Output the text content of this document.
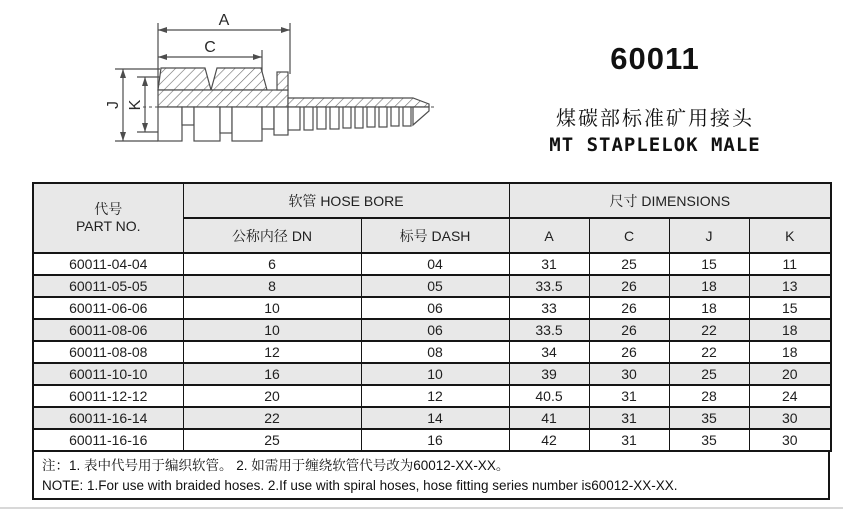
A
C
J K
60011
煤碳部标准矿用接头
MT STAPLELOK MALE
代号
PART NO.	软管 HOSE BORE		尺寸 DIMENSIONS			
	公称内径 DN	标号 DASH	A	C	J	K
60011-04-04	6	04	31	25	15	11
60011-05-05	8	05	33.5	26	18	13
60011-06-06	10	06	33	26	18	15
60011-08-06	10	06	33.5	26	22	18
60011-08-08	12	08	34	26	22	18
60011-10-10	16	10	39	30	25	20
60011-12-12	20	12	40.5	31	28	24
60011-16-14	22	14	41	31	35	30
60011-16-16	25	16	42	31	35	30
注：1. 表中代号用于编织软管。 2. 如需用于缠绕软管代号改为60012-XX-XX。
NOTE: 1.For use with braided hoses. 2.If use with spiral hoses, hose fitting series number is60012-XX-XX.
